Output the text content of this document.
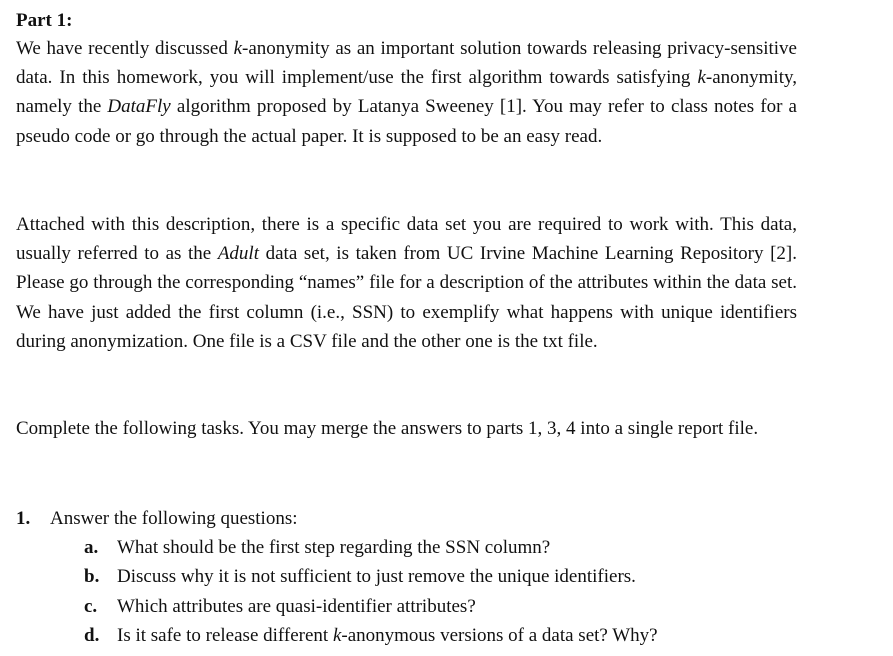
Part 1:

We have recently discussed k-anonymity as an important solution towards releasing privacy-sensitive data. In this homework, you will implement/use the first algorithm towards satisfying k-anonymity, namely the DataFly algorithm proposed by Latanya Sweeney [1]. You may refer to class notes for a pseudo code or go through the actual paper. It is supposed to be an easy read.

Attached with this description, there is a specific data set you are required to work with. This data, usually referred to as the Adult data set, is taken from UC Irvine Machine Learning Repository [2]. Please go through the corresponding “names” file for a description of the attributes within the data set. We have just added the first column (i.e., SSN) to exemplify what happens with unique identifiers during anonymization. One file is a CSV file and the other one is the txt file.

Complete the following tasks. You may merge the answers to parts 1, 3, 4 into a single report file.

1. Answer the following questions:
a. What should be the first step regarding the SSN column?
b. Discuss why it is not sufficient to just remove the unique identifiers.
c. Which attributes are quasi-identifier attributes?
d. Is it safe to release different k-anonymous versions of a data set? Why?
